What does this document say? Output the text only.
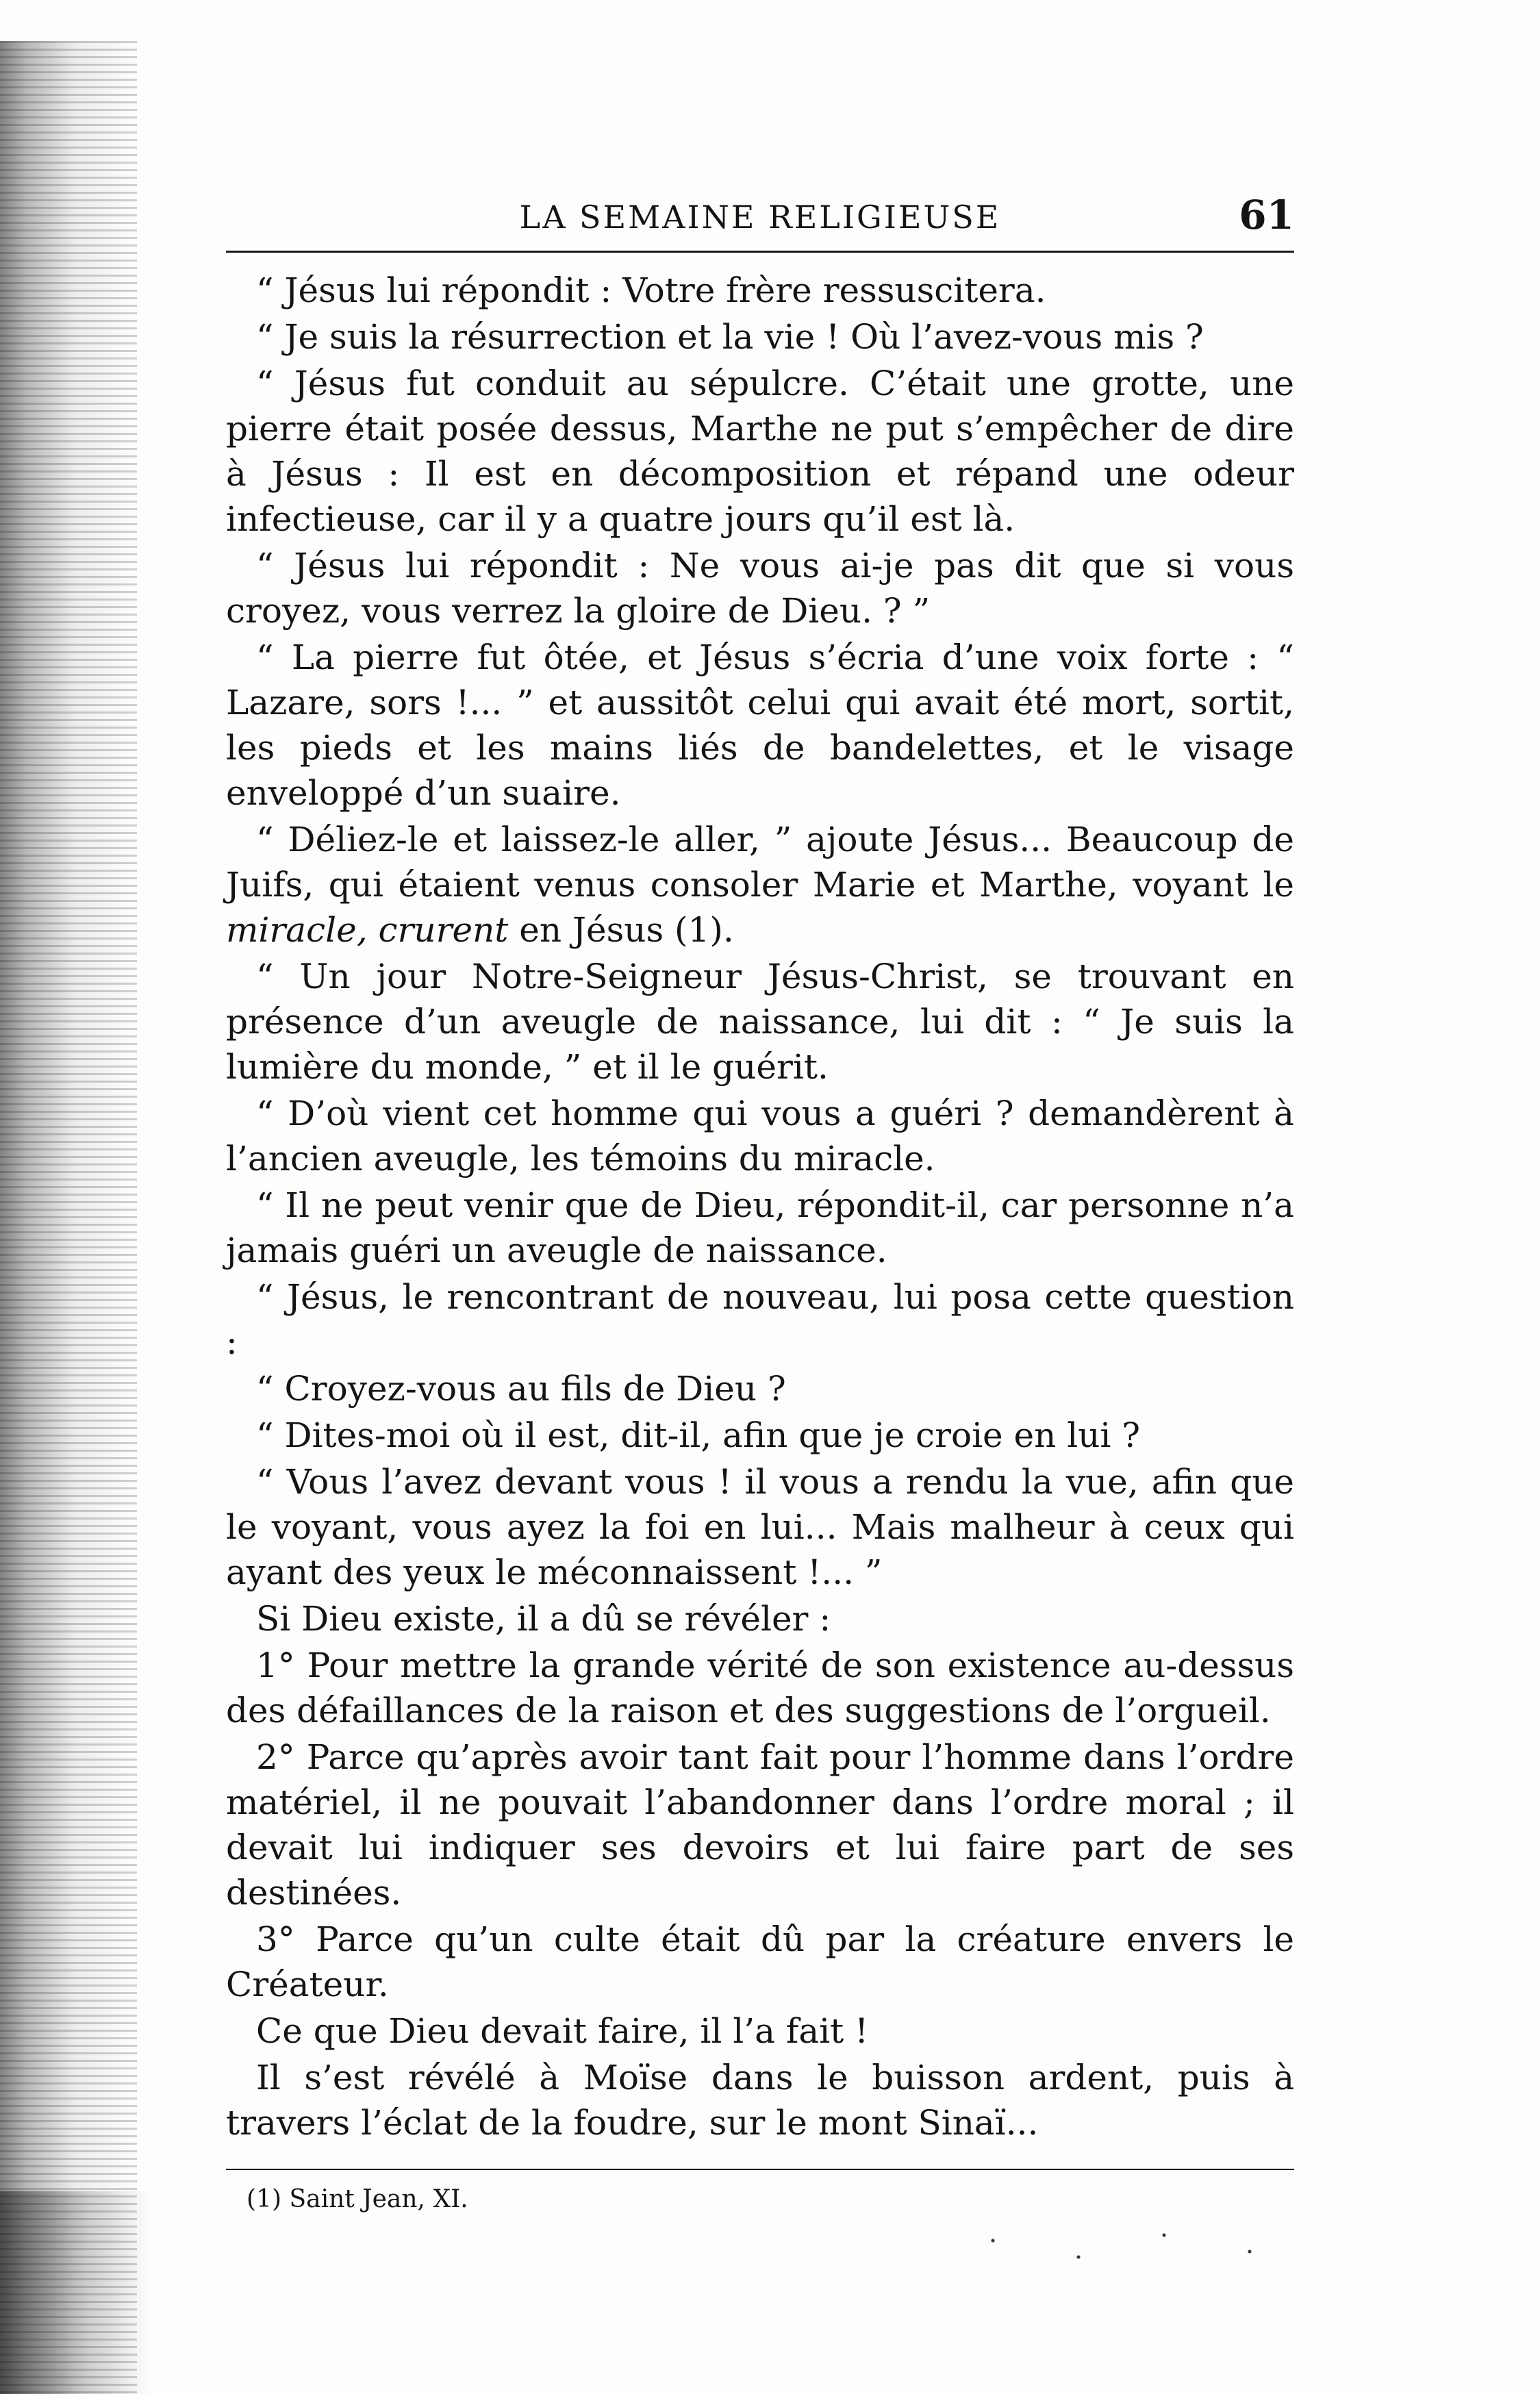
LA SEMAINE RELIGIEUSE	61

“ Jésus lui répondit : Votre frère ressuscitera.

“ Je suis la résurrection et la vie ! Où l’avez-vous mis ?

“ Jésus fut conduit au sépulcre. C’était une grotte, une pierre était posée dessus, Marthe ne put s’empêcher de dire à Jésus : Il est en décomposition et répand une odeur infectieuse, car il y a quatre jours qu’il est là.

“ Jésus lui répondit : Ne vous ai-je pas dit que si vous croyez, vous verrez la gloire de Dieu. ? ”

“ La pierre fut ôtée, et Jésus s’écria d’une voix forte : “ Lazare, sors !... ” et aussitôt celui qui avait été mort, sortit, les pieds et les mains liés de bandelettes, et le visage enveloppé d’un suaire.

“ Déliez-le et laissez-le aller, ” ajoute Jésus... Beaucoup de Juifs, qui étaient venus consoler Marie et Marthe, voyant le miracle, crurent en Jésus (1).

“ Un jour Notre-Seigneur Jésus-Christ, se trouvant en présence d’un aveugle de naissance, lui dit : “ Je suis la lumière du monde, ” et il le guérit.

“ D’où vient cet homme qui vous a guéri ? demandèrent à l’ancien aveugle, les témoins du miracle.

“ Il ne peut venir que de Dieu, répondit-il, car personne n’a jamais guéri un aveugle de naissance.

“ Jésus, le rencontrant de nouveau, lui posa cette question :

“ Croyez-vous au fils de Dieu ?

“ Dites-moi où il est, dit-il, afin que je croie en lui ?

“ Vous l’avez devant vous ! il vous a rendu la vue, afin que le voyant, vous ayez la foi en lui... Mais malheur à ceux qui ayant des yeux le méconnaissent !... ”

Si Dieu existe, il a dû se révéler :

1° Pour mettre la grande vérité de son existence au-dessus des défaillances de la raison et des suggestions de l’orgueil.

2° Parce qu’après avoir tant fait pour l’homme dans l’ordre matériel, il ne pouvait l’abandonner dans l’ordre moral ; il devait lui indiquer ses devoirs et lui faire part de ses destinées.

3° Parce qu’un culte était dû par la créature envers le Créateur.

Ce que Dieu devait faire, il l’a fait !

Il s’est révélé à Moïse dans le buisson ardent, puis à travers l’éclat de la foudre, sur le mont Sinaï...

(1) Saint Jean, XI.
